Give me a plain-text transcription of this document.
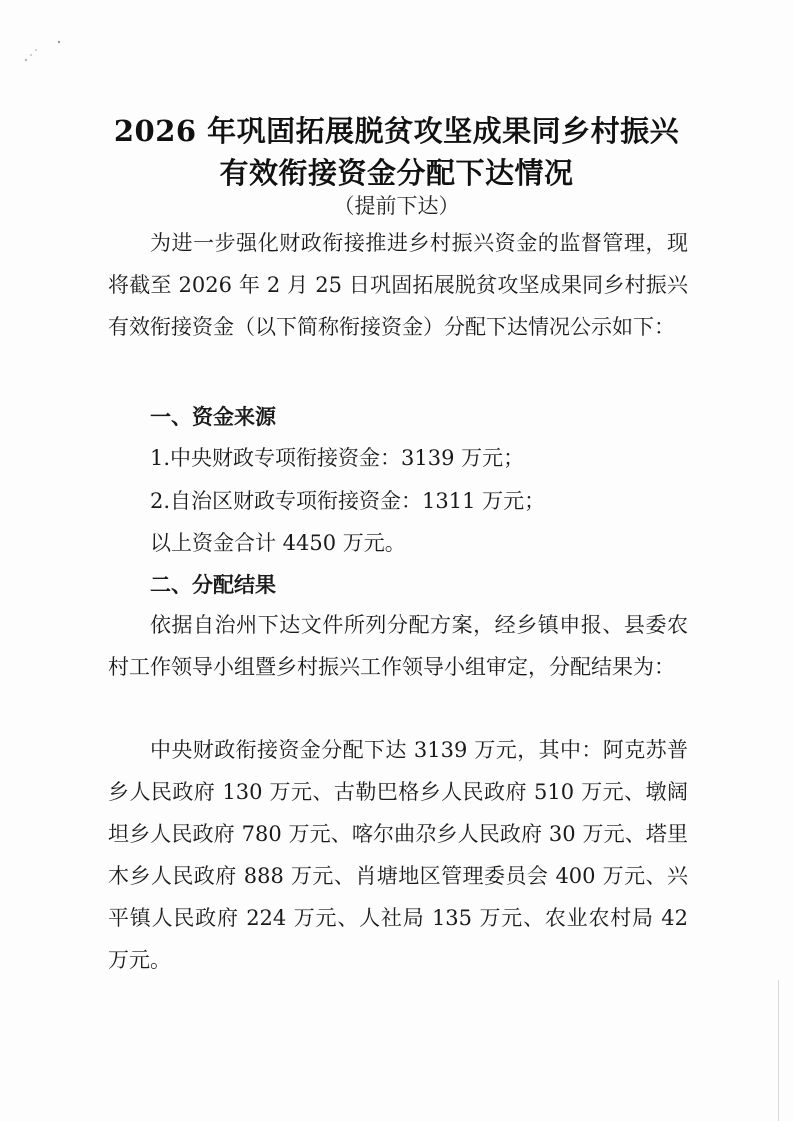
2026 年巩固拓展脱贫攻坚成果同乡村振兴
有效衔接资金分配下达情况
（提前下达）

为进一步强化财政衔接推进乡村振兴资金的监督管理，现将截至 2026 年 2 月 25 日巩固拓展脱贫攻坚成果同乡村振兴有效衔接资金（以下简称衔接资金）分配下达情况公示如下：

一、资金来源

1.中央财政专项衔接资金：3139 万元；

2.自治区财政专项衔接资金：1311 万元；

以上资金合计 4450 万元。

二、分配结果

依据自治州下达文件所列分配方案，经乡镇申报、县委农村工作领导小组暨乡村振兴工作领导小组审定，分配结果为：

中央财政衔接资金分配下达 3139 万元，其中：阿克苏普乡人民政府 130 万元、古勒巴格乡人民政府 510 万元、墩阔坦乡人民政府 780 万元、喀尔曲尕乡人民政府 30 万元、塔里木乡人民政府 888 万元、肖塘地区管理委员会 400 万元、兴平镇人民政府 224 万元、人社局 135 万元、农业农村局 42 万元。
